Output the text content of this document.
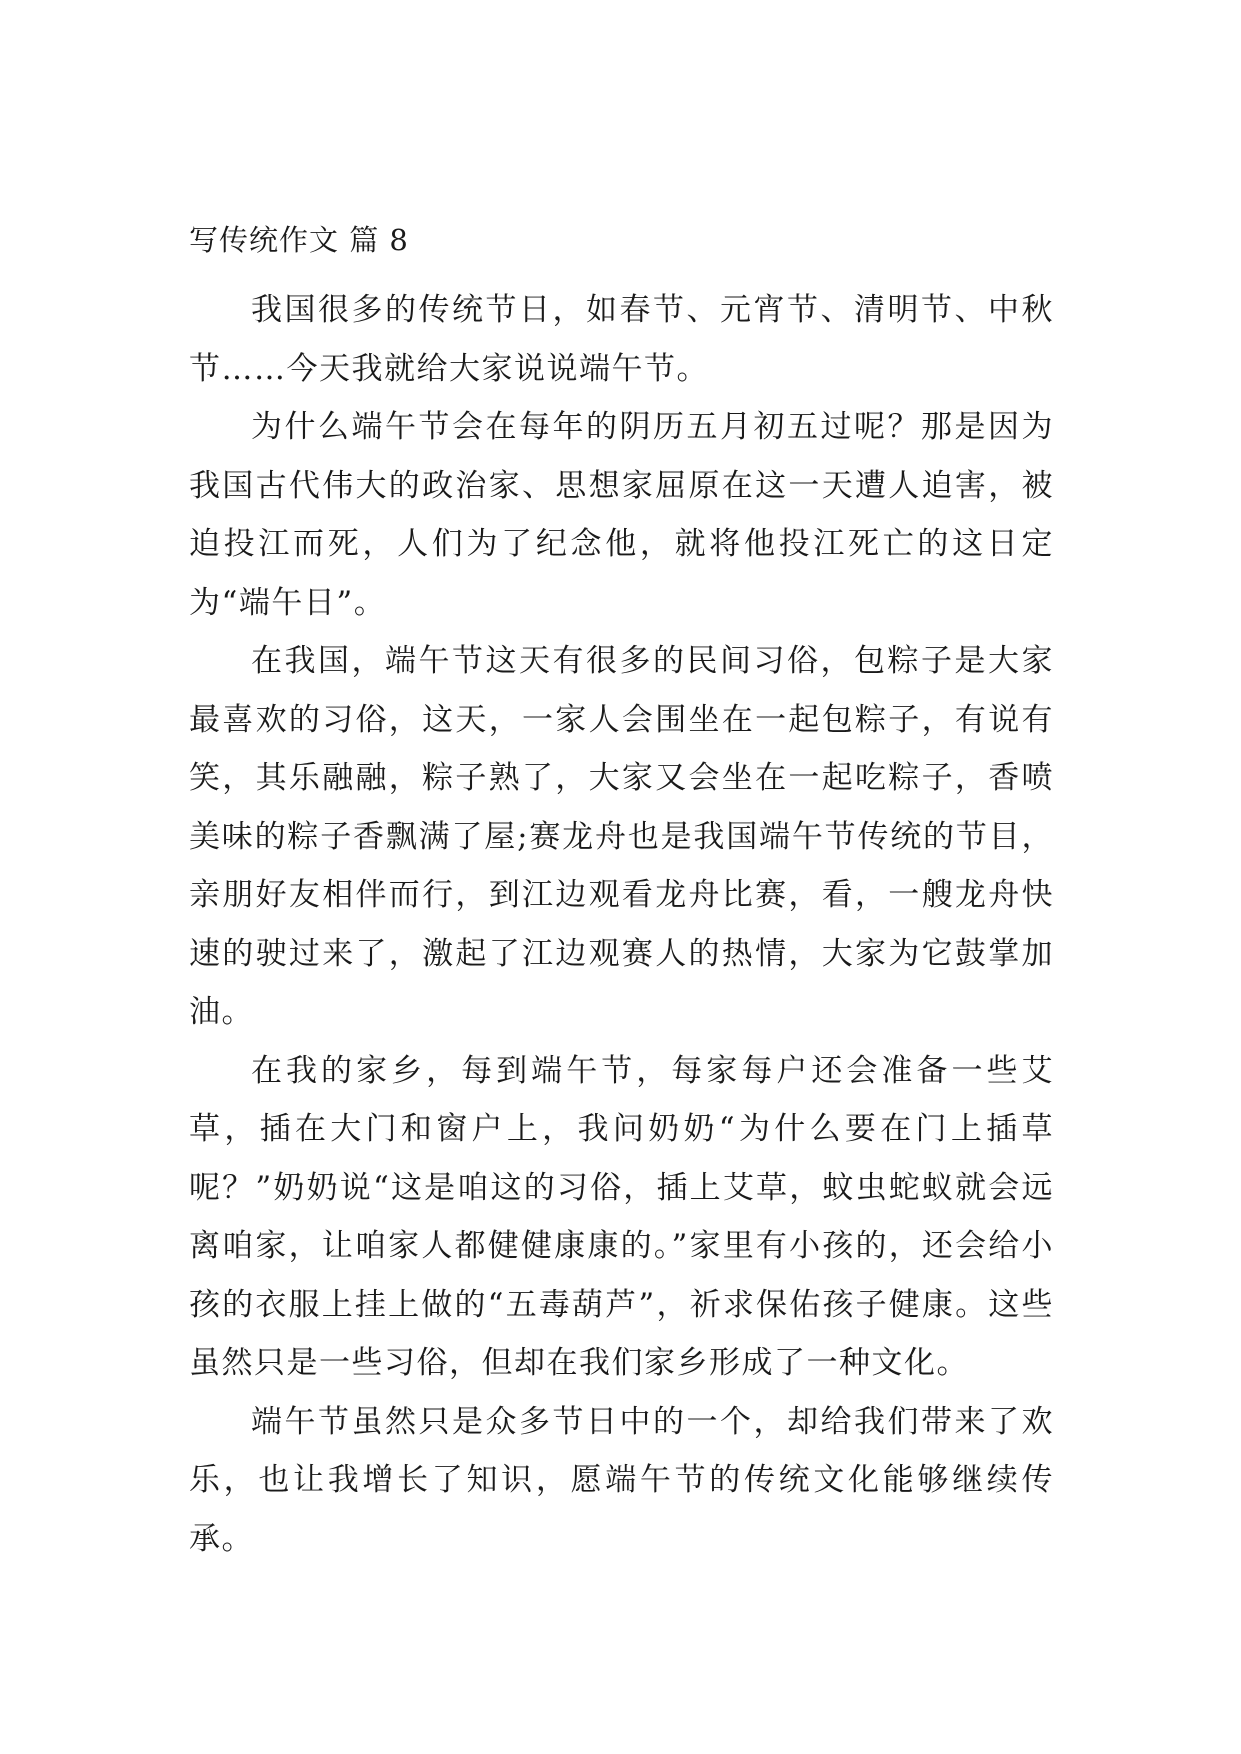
写传统作文 篇 8

我国很多的传统节日，如春节、元宵节、清明节、中秋节……今天我就给大家说说端午节。

为什么端午节会在每年的阴历五月初五过呢？那是因为我国古代伟大的政治家、思想家屈原在这一天遭人迫害，被迫投江而死，人们为了纪念他，就将他投江死亡的这日定为“端午日”。

在我国，端午节这天有很多的民间习俗，包粽子是大家最喜欢的习俗，这天，一家人会围坐在一起包粽子，有说有笑，其乐融融，粽子熟了，大家又会坐在一起吃粽子，香喷美味的粽子香飘满了屋;赛龙舟也是我国端午节传统的节目，亲朋好友相伴而行，到江边观看龙舟比赛，看，一艘龙舟快速的驶过来了，激起了江边观赛人的热情，大家为它鼓掌加油。

在我的家乡，每到端午节，每家每户还会准备一些艾草，插在大门和窗户上，我问奶奶“为什么要在门上插草呢？”奶奶说“这是咱这的习俗，插上艾草，蚊虫蛇蚁就会远离咱家，让咱家人都健健康康的。”家里有小孩的，还会给小孩的衣服上挂上做的“五毒葫芦”，祈求保佑孩子健康。这些虽然只是一些习俗，但却在我们家乡形成了一种文化。

端午节虽然只是众多节日中的一个，却给我们带来了欢乐，也让我增长了知识，愿端午节的传统文化能够继续传承。
